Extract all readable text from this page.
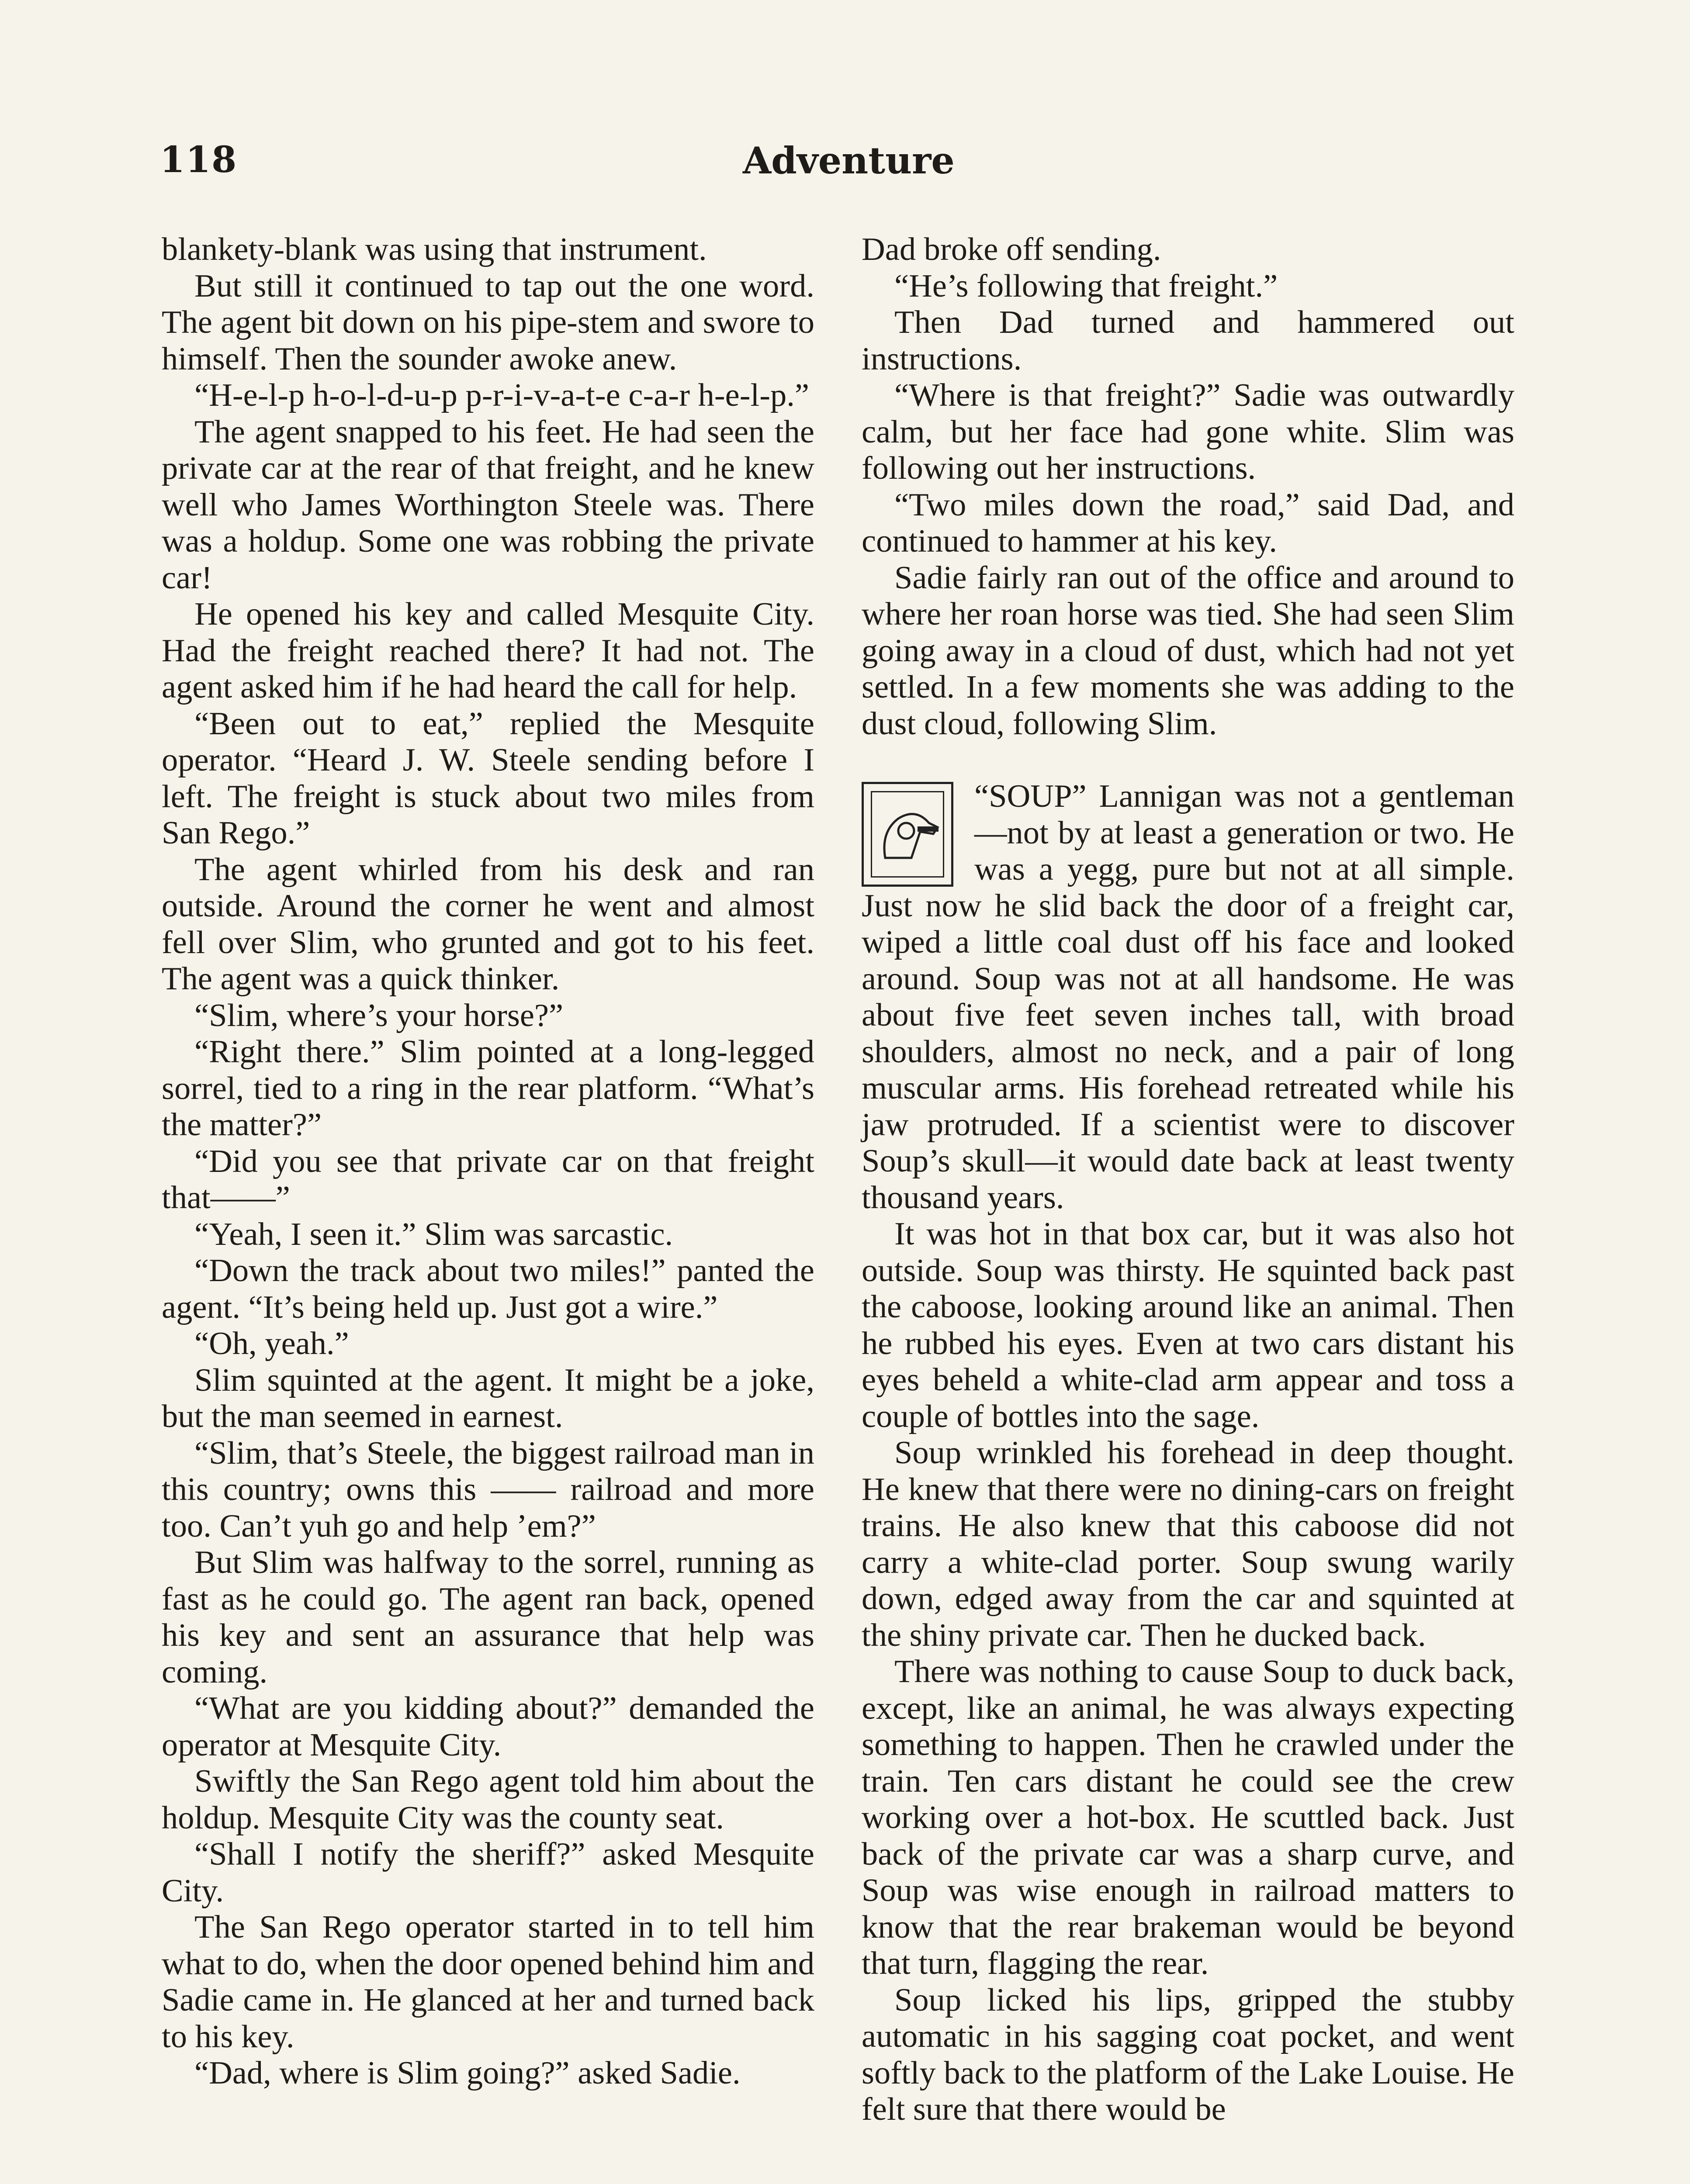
118	Adventure

blankety-blank was using that instrument.

But still it continued to tap out the one word. The agent bit down on his pipe-stem and swore to himself. Then the sounder awoke anew.

“H-e-l-p h-o-l-d-u-p p-r-i-v-a-t-e c-a-r h-e-l-p.”

The agent snapped to his feet. He had seen the private car at the rear of that freight, and he knew well who James Worthington Steele was. There was a holdup. Some one was robbing the private car!

He opened his key and called Mesquite City. Had the freight reached there? It had not. The agent asked him if he had heard the call for help.

“Been out to eat,” replied the Mesquite operator. “Heard J. W. Steele sending before I left. The freight is stuck about two miles from San Rego.”

The agent whirled from his desk and ran outside. Around the corner he went and almost fell over Slim, who grunted and got to his feet. The agent was a quick thinker.

“Slim, where’s your horse?”

“Right there.” Slim pointed at a long-legged sorrel, tied to a ring in the rear platform. “What’s the matter?”

“Did you see that private car on that freight that——”

“Yeah, I seen it.” Slim was sarcastic.

“Down the track about two miles!” panted the agent. “It’s being held up. Just got a wire.”

“Oh, yeah.”

Slim squinted at the agent. It might be a joke, but the man seemed in earnest.

“Slim, that’s Steele, the biggest railroad man in this country; owns this —— railroad and more too. Can’t yuh go and help ’em?”

But Slim was halfway to the sorrel, running as fast as he could go. The agent ran back, opened his key and sent an assurance that help was coming.

“What are you kidding about?” demanded the operator at Mesquite City.

Swiftly the San Rego agent told him about the holdup. Mesquite City was the county seat.

“Shall I notify the sheriff?” asked Mesquite City.

The San Rego operator started in to tell him what to do, when the door opened behind him and Sadie came in. He glanced at her and turned back to his key.

“Dad, where is Slim going?” asked Sadie.

Dad broke off sending.

“He’s following that freight.”

Then Dad turned and hammered out instructions.

“Where is that freight?” Sadie was outwardly calm, but her face had gone white. Slim was following out her instructions.

“Two miles down the road,” said Dad, and continued to hammer at his key.

Sadie fairly ran out of the office and around to where her roan horse was tied. She had seen Slim going away in a cloud of dust, which had not yet settled. In a few moments she was adding to the dust cloud, following Slim.

“SOUP” Lannigan was not a gentleman—not by at least a generation or two. He was a yegg, pure but not at all simple. Just now he slid back the door of a freight car, wiped a little coal dust off his face and looked around. Soup was not at all handsome. He was about five feet seven inches tall, with broad shoulders, almost no neck, and a pair of long muscular arms. His forehead retreated while his jaw protruded. If a scientist were to discover Soup’s skull—it would date back at least twenty thousand years.

It was hot in that box car, but it was also hot outside. Soup was thirsty. He squinted back past the caboose, looking around like an animal. Then he rubbed his eyes. Even at two cars distant his eyes beheld a white-clad arm appear and toss a couple of bottles into the sage.

Soup wrinkled his forehead in deep thought. He knew that there were no dining-cars on freight trains. He also knew that this caboose did not carry a white-clad porter. Soup swung warily down, edged away from the car and squinted at the shiny private car. Then he ducked back.

There was nothing to cause Soup to duck back, except, like an animal, he was always expecting something to happen. Then he crawled under the train. Ten cars distant he could see the crew working over a hot-box. He scuttled back. Just back of the private car was a sharp curve, and Soup was wise enough in railroad matters to know that the rear brakeman would be beyond that turn, flagging the rear.

Soup licked his lips, gripped the stubby automatic in his sagging coat pocket, and went softly back to the platform of the Lake Louise. He felt sure that there would be
